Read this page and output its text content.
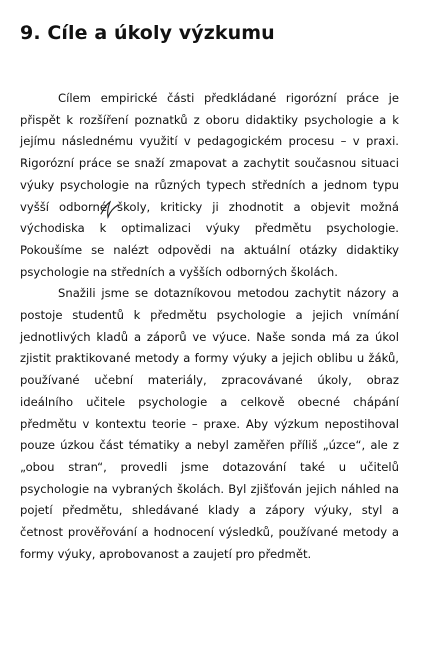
9. Cíle a úkoly výzkumu

Cílem empirické části předkládané rigorózní práce je přispět k rozšíření poznatků z oboru didaktiky psychologie a k jejímu následnému využití v pedagogickém procesu – v praxi. Rigorózní práce se snaží zmapovat a zachytit současnou situaci výuky psychologie na různých typech středních a jednom typu vyšší odborné školy, kriticky ji zhodnotit a objevit možná východiska k optimalizaci výuky předmětu psychologie. Pokoušíme se nalézt odpovědi na aktuální otázky didaktiky psychologie na středních a vyšších odborných školách.

Snažili jsme se dotazníkovou metodou zachytit názory a postoje studentů k předmětu psychologie a jejich vnímání jednotlivých kladů a záporů ve výuce. Naše sonda má za úkol zjistit praktikované metody a formy výuky a jejich oblibu u žáků, používané učební materiály, zpracovávané úkoly, obraz ideálního učitele psychologie a celkově obecné chápání předmětu v kontextu teorie – praxe. Aby výzkum nepostihoval pouze úzkou část tématiky a nebyl zaměřen příliš „úzce“, ale z „obou stran“, provedli jsme dotazování také u učitelů psychologie na vybraných školách. Byl zjišťován jejich náhled na pojetí předmětu, shledávané klady a zápory výuky, styl a četnost prověřování a hodnocení výsledků, používané metody a formy výuky, aprobovanost a zaujetí pro předmět.
